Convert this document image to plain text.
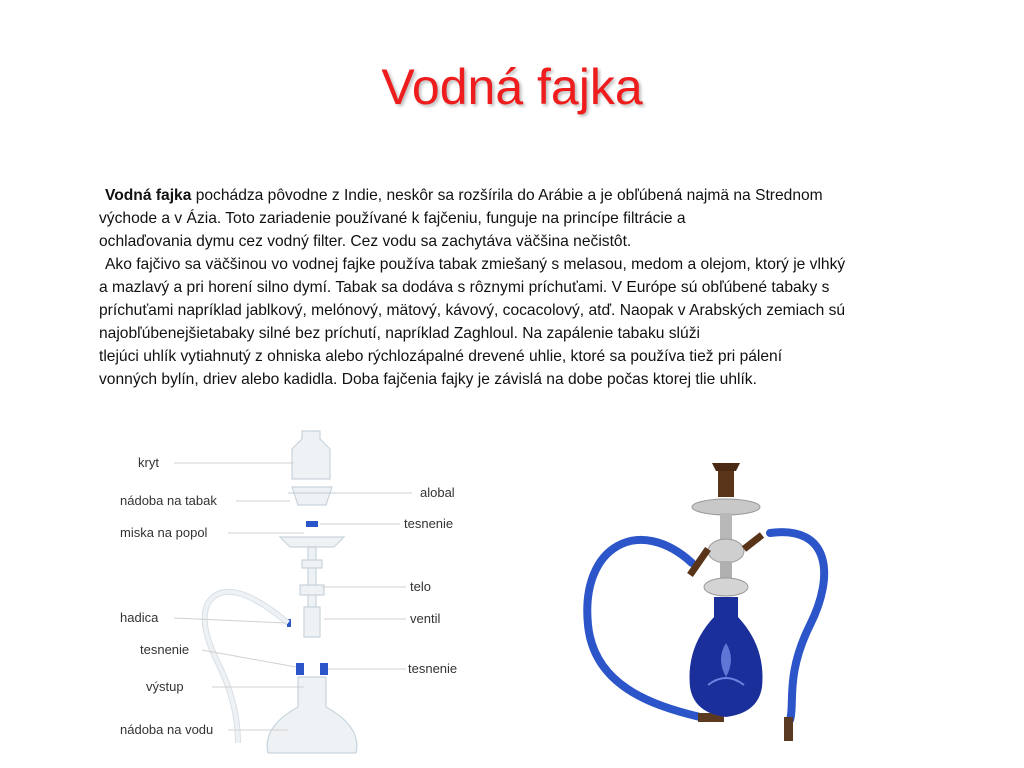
Vodná fajka

Vodná fajka pochádza pôvodne z Indie, neskôr sa rozšírila do Arábie a je obľúbená najmä na Strednom
východe a v Ázia. Toto zariadenie používané k fajčeniu, funguje na princípe filtrácie a
ochlaďovania dymu cez vodný filter. Cez vodu sa zachytáva väčšina nečistôt.

Ako fajčivo sa väčšinou vo vodnej fajke používa tabak zmiešaný s melasou, medom a olejom, ktorý je vlhký
a mazlavý a pri horení silno dymí. Tabak sa dodáva s rôznymi príchuťami. V Európe sú obľúbené tabaky s
príchuťami napríklad jablkový, melónový, mätový, kávový, cocacolový, atď. Naopak v Arabských zemiach sú
najobľúbenejšietabaky silné bez príchutí, napríklad Zaghloul. Na zapálenie tabaku slúži
tlejúci uhlík vytiahnutý z ohniska alebo rýchlozápalné drevené uhlie, ktoré sa používa tiež pri pálení
vonných bylín, driev alebo kadidla. Doba fajčenia fajky je závislá na dobe počas ktorej tlie uhlík.

kryt
nádoba na tabak
miska na popol
hadica
tesnenie
výstup
nádoba na vodu
alobal
tesnenie
telo
ventil
tesnenie
